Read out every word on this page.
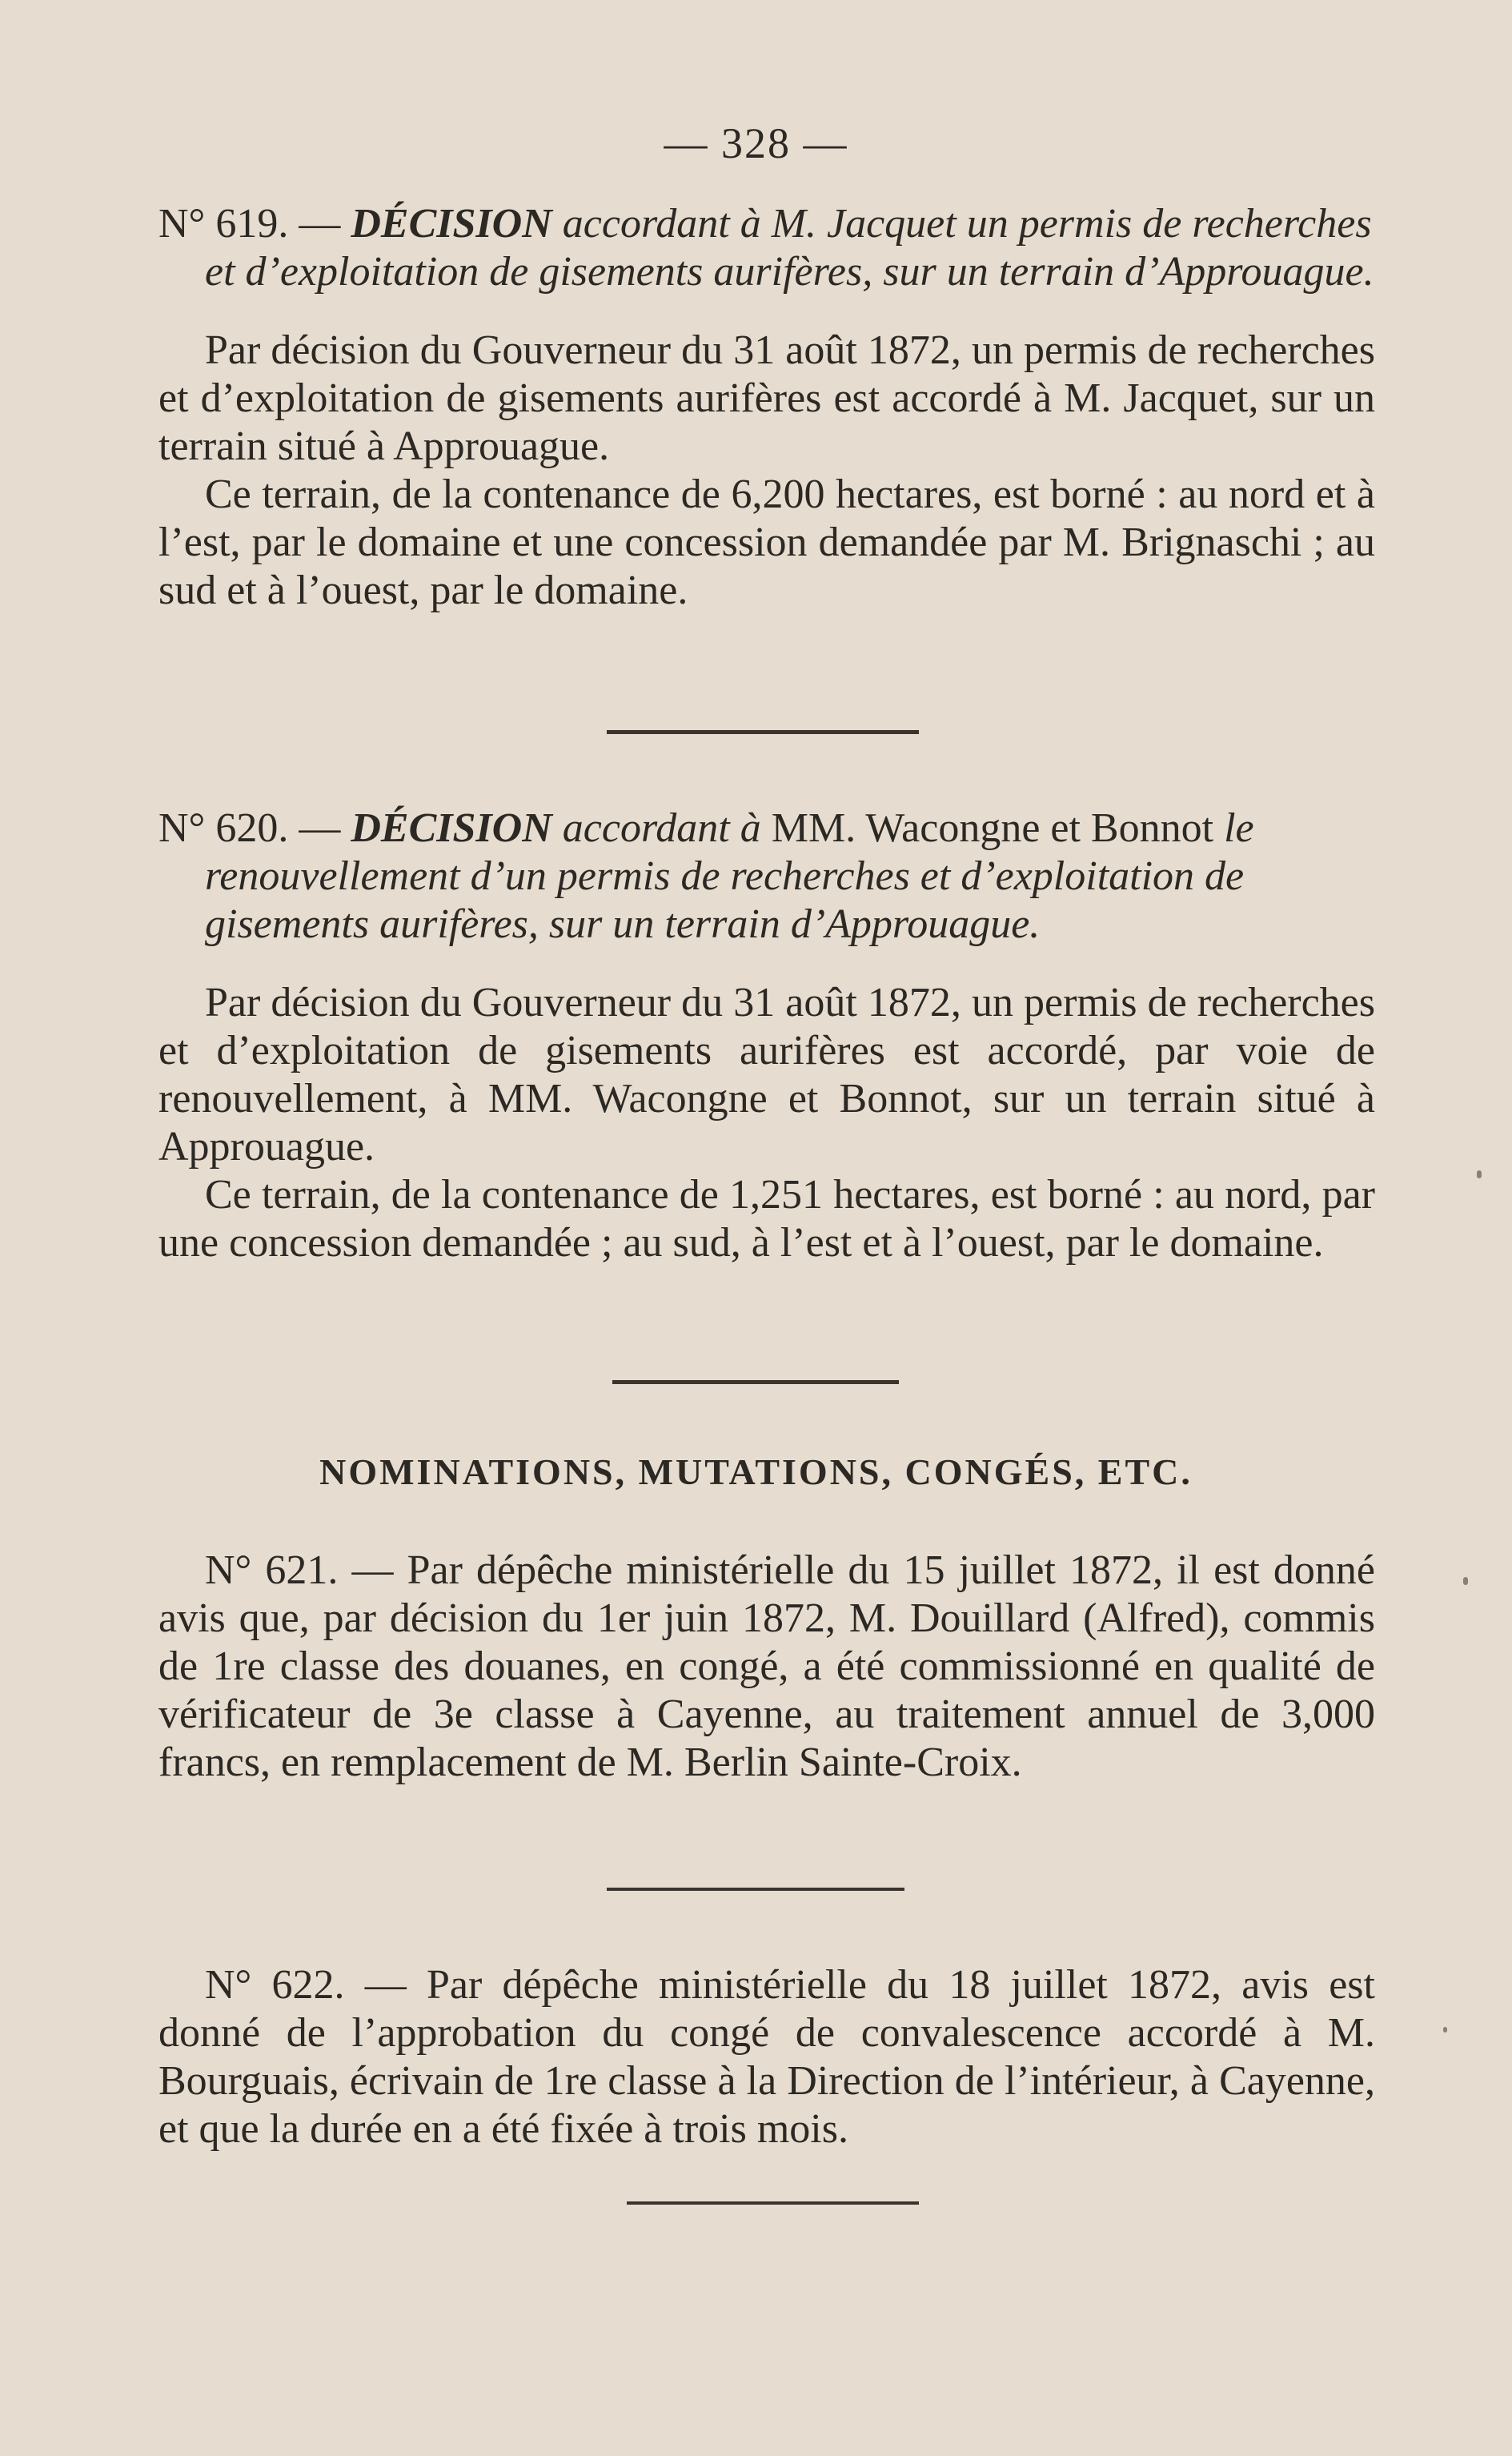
— 328 —

N° 619. — DÉCISION accordant à M. Jacquet un permis de recherches et d’exploitation de gisements aurifères, sur un terrain d’Approuague.

Par décision du Gouverneur du 31 août 1872, un permis de recherches et d’exploitation de gisements aurifères est accordé à M. Jacquet, sur un terrain situé à Approuague.

Ce terrain, de la contenance de 6,200 hectares, est borné : au nord et à l’est, par le domaine et une concession demandée par M. Brignaschi ; au sud et à l’ouest, par le domaine.

N° 620. — DÉCISION accordant à MM. Wacongne et Bonnot le renouvellement d’un permis de recherches et d’exploitation de gisements aurifères, sur un terrain d’Approuague.

Par décision du Gouverneur du 31 août 1872, un permis de recherches et d’exploitation de gisements aurifères est accordé, par voie de renouvellement, à MM. Wacongne et Bonnot, sur un terrain situé à Approuague.

Ce terrain, de la contenance de 1,251 hectares, est borné : au nord, par une concession demandée ; au sud, à l’est et à l’ouest, par le domaine.

NOMINATIONS, MUTATIONS, CONGÉS, ETC.

N° 621. — Par dépêche ministérielle du 15 juillet 1872, il est donné avis que, par décision du 1er juin 1872, M. Douillard (Alfred), commis de 1re classe des douanes, en congé, a été commissionné en qualité de vérificateur de 3e classe à Cayenne, au traitement annuel de 3,000 francs, en remplacement de M. Berlin Sainte-Croix.

N° 622. — Par dépêche ministérielle du 18 juillet 1872, avis est donné de l’approbation du congé de convalescence accordé à M. Bourguais, écrivain de 1re classe à la Direction de l’intérieur, à Cayenne, et que la durée en a été fixée à trois mois.
